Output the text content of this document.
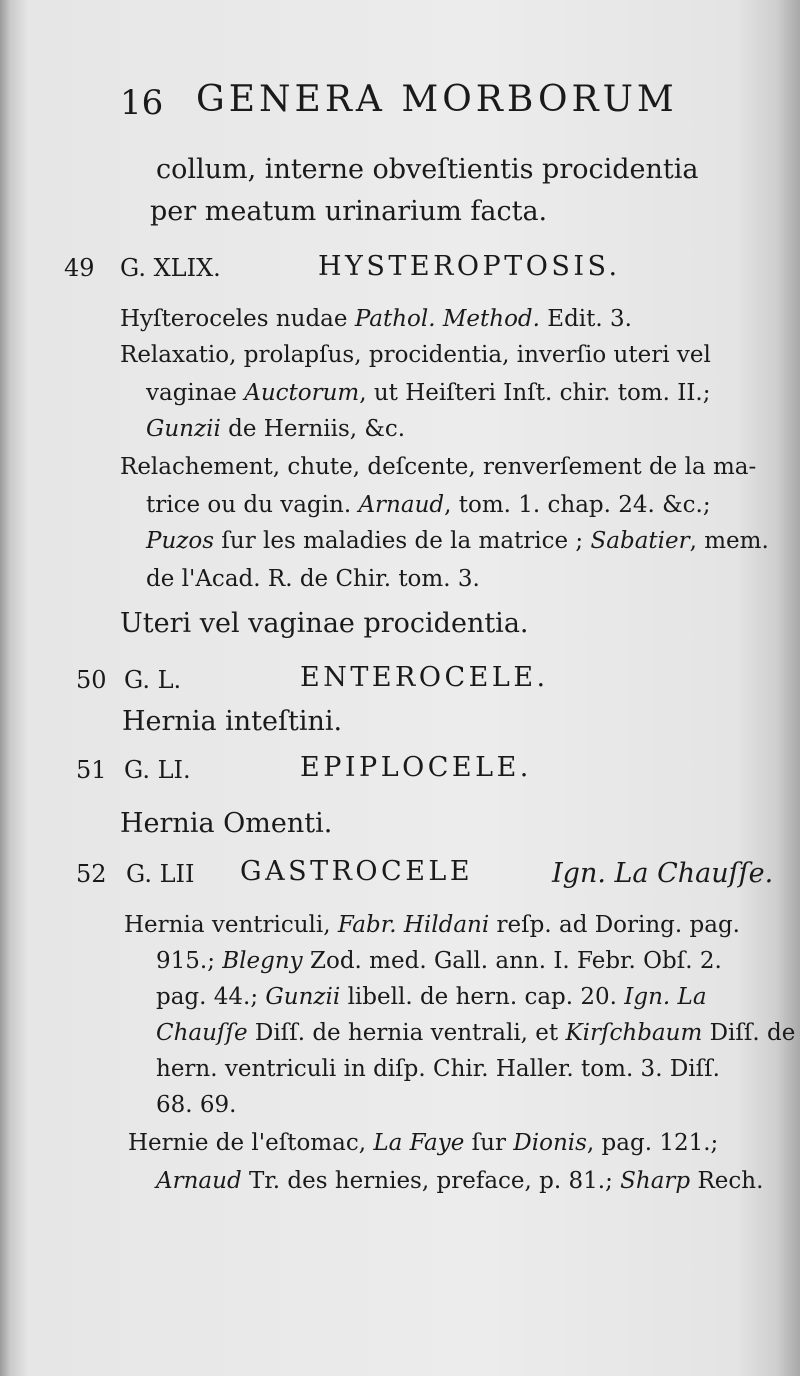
16 GENERA MORBORUM
collum, interne obveſtientis procidentia
per meatum urinarium facta.
49 G. XLIX.	HYSTEROPTOSIS.
Hyſteroceles nudae Pathol. Method. Edit. 3.
Relaxatio, prolapſus, procidentia, inverſio uteri vel
vaginae Auctorum, ut Heiſteri Inſt. chir. tom. II.;
Gunzii de Herniis, &c.
Relachement, chute, deſcente, renverſement de la ma-
trice ou du vagin. Arnaud, tom. 1. chap. 24. &c.;
Puzos ſur les maladies de la matrice ; Sabatier, mem.
de l'Acad. R. de Chir. tom. 3.
Uteri vel vaginae procidentia.
50 G. L.	ENTEROCELE.
Hernia inteſtini.
51 G. LI.	EPIPLOCELE.
Hernia Omenti.
52 G. LII GASTROCELE	Ign. La Chauſſe.
Hernia ventriculi, Fabr. Hildani reſp. ad Doring. pag.
915.; Blegny Zod. med. Gall. ann. I. Febr. Obſ. 2.
pag. 44.; Gunzii libell. de hern. cap. 20. Ign. La
Chauſſe Diſſ. de hernia ventrali, et Kirſchbaum Diſſ. de
hern. ventriculi in diſp. Chir. Haller. tom. 3. Diſſ.
68. 69.
Hernie de l'eſtomac, La Faye ſur Dionis, pag. 121.;
Arnaud Tr. des hernies, preface, p. 81.; Sharp Rech.
